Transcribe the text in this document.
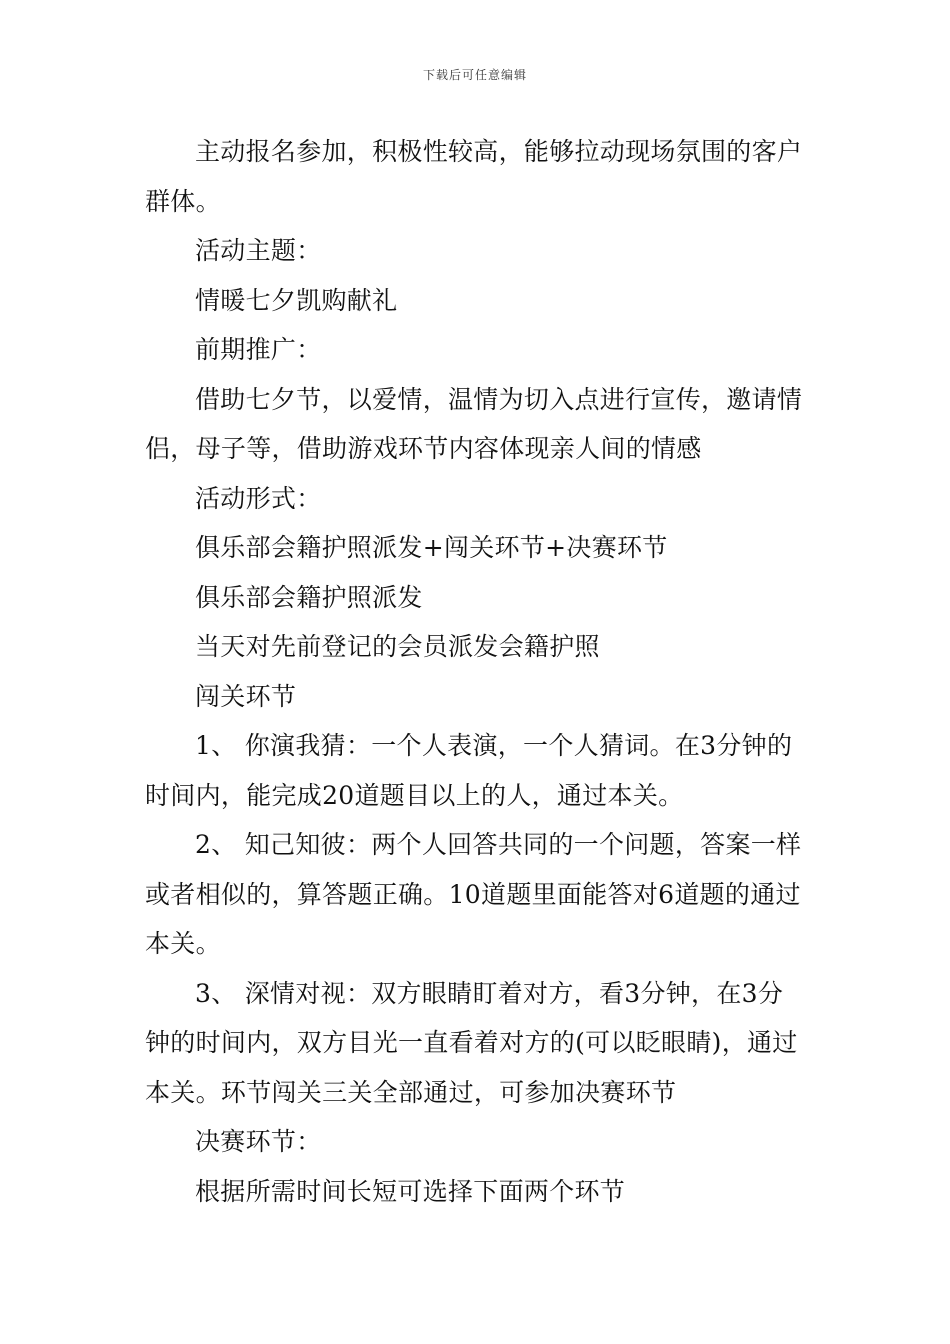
下载后可任意编辑

主动报名参加，积极性较高，能够拉动现场氛围的客户群体。

活动主题：

情暖七夕凯购献礼

前期推广：

借助七夕节，以爱情，温情为切入点进行宣传，邀请情侣，母子等，借助游戏环节内容体现亲人间的情感

活动形式：

俱乐部会籍护照派发+闯关环节+决赛环节

俱乐部会籍护照派发

当天对先前登记的会员派发会籍护照

闯关环节

1、 你演我猜：一个人表演，一个人猜词。在3分钟的时间内，能完成20道题目以上的人，通过本关。

2、 知己知彼：两个人回答共同的一个问题，答案一样或者相似的，算答题正确。10道题里面能答对6道题的通过本关。

3、 深情对视：双方眼睛盯着对方，看3分钟，在3分钟的时间内，双方目光一直看着对方的(可以眨眼睛)，通过本关。环节闯关三关全部通过，可参加决赛环节

决赛环节：

根据所需时间长短可选择下面两个环节
